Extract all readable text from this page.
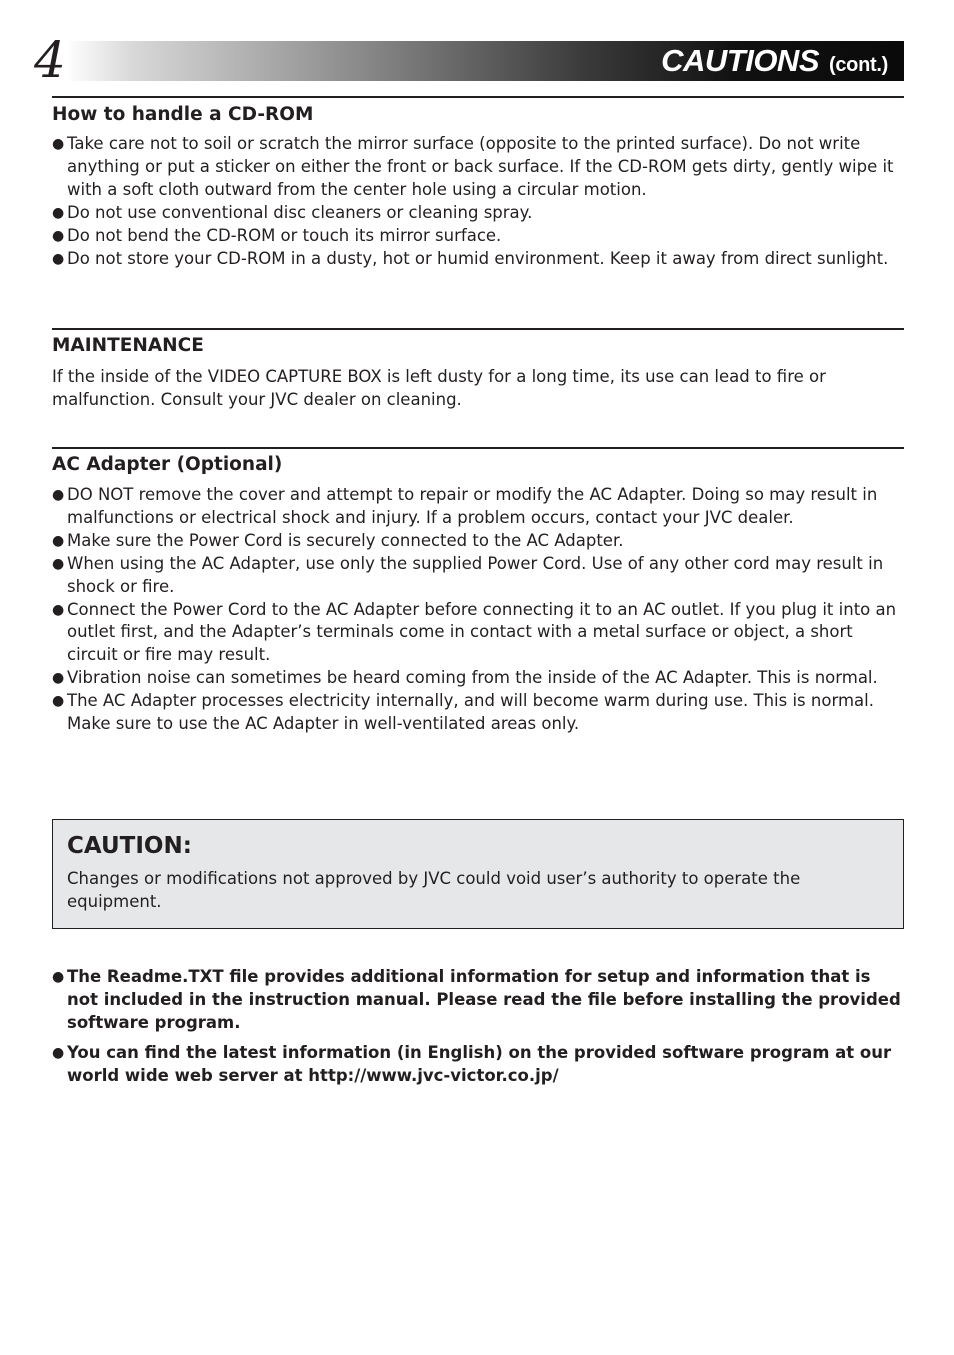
4	CAUTIONS (cont.)
How to handle a CD-ROM
● Take care not to soil or scratch the mirror surface (opposite to the printed surface). Do not write anything or put a sticker on either the front or back surface. If the CD-ROM gets dirty, gently wipe it with a soft cloth outward from the center hole using a circular motion.
● Do not use conventional disc cleaners or cleaning spray.
● Do not bend the CD-ROM or touch its mirror surface.
● Do not store your CD-ROM in a dusty, hot or humid environment. Keep it away from direct sunlight.
MAINTENANCE

If the inside of the VIDEO CAPTURE BOX is left dusty for a long time, its use can lead to fire or malfunction. Consult your JVC dealer on cleaning.

AC Adapter (Optional)
● DO NOT remove the cover and attempt to repair or modify the AC Adapter. Doing so may result in malfunctions or electrical shock and injury. If a problem occurs, contact your JVC dealer.
● Make sure the Power Cord is securely connected to the AC Adapter.
● When using the AC Adapter, use only the supplied Power Cord. Use of any other cord may result in shock or fire.
● Connect the Power Cord to the AC Adapter before connecting it to an AC outlet. If you plug it into an outlet first, and the Adapter’s terminals come in contact with a metal surface or object, a short circuit or fire may result.
● Vibration noise can sometimes be heard coming from the inside of the AC Adapter. This is normal.
● The AC Adapter processes electricity internally, and will become warm during use. This is normal. Make sure to use the AC Adapter in well-ventilated areas only.
CAUTION:

Changes or modifications not approved by JVC could void user’s authority to operate the equipment.

● The Readme.TXT file provides additional information for setup and information that is not included in the instruction manual. Please read the file before installing the provided software program.
● You can find the latest information (in English) on the provided software program at our world wide web server at http://www.jvc-victor.co.jp/
